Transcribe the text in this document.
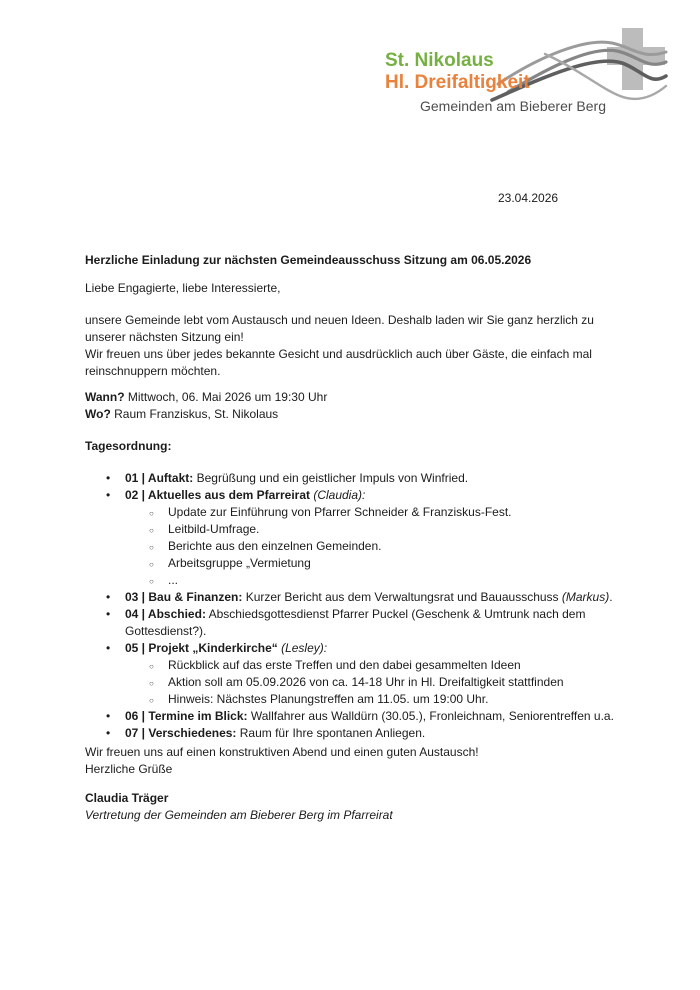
St. Nikolaus
Hl. Dreifaltigkeit
Gemeinden am Bieberer Berg
23.04.2026
Herzliche Einladung zur nächsten Gemeindeausschuss Sitzung am 06.05.2026
Liebe Engagierte, liebe Interessierte,
unsere Gemeinde lebt vom Austausch und neuen Ideen. Deshalb laden wir Sie ganz herzlich zu unserer nächsten Sitzung ein!
Wir freuen uns über jedes bekannte Gesicht und ausdrücklich auch über Gäste, die einfach mal reinschnuppern möchten.
Wann? Mittwoch, 06. Mai 2026 um 19:30 Uhr
Wo? Raum Franziskus, St. Nikolaus
Tagesordnung:
• 01 | Auftakt: Begrüßung und ein geistlicher Impuls von Winfried.
• 02 | Aktuelles aus dem Pfarreirat (Claudia):
○ Update zur Einführung von Pfarrer Schneider & Franziskus-Fest.
○ Leitbild-Umfrage.
○ Berichte aus den einzelnen Gemeinden.
○ Arbeitsgruppe „Vermietung
○ ...
• 03 | Bau & Finanzen: Kurzer Bericht aus dem Verwaltungsrat und Bauausschuss (Markus).
• 04 | Abschied: Abschiedsgottesdienst Pfarrer Puckel (Geschenk & Umtrunk nach dem Gottesdienst?).
• 05 | Projekt „Kinderkirche“ (Lesley):
○ Rückblick auf das erste Treffen und den dabei gesammelten Ideen
○ Aktion soll am 05.09.2026 von ca. 14-18 Uhr in Hl. Dreifaltigkeit stattfinden
○ Hinweis: Nächstes Planungstreffen am 11.05. um 19:00 Uhr.
• 06 | Termine im Blick: Wallfahrer aus Walldürn (30.05.), Fronleichnam, Seniorentreffen u.a.
• 07 | Verschiedenes: Raum für Ihre spontanen Anliegen.
Wir freuen uns auf einen konstruktiven Abend und einen guten Austausch!
Herzliche Grüße
Claudia Träger
Vertretung der Gemeinden am Bieberer Berg im Pfarreirat
